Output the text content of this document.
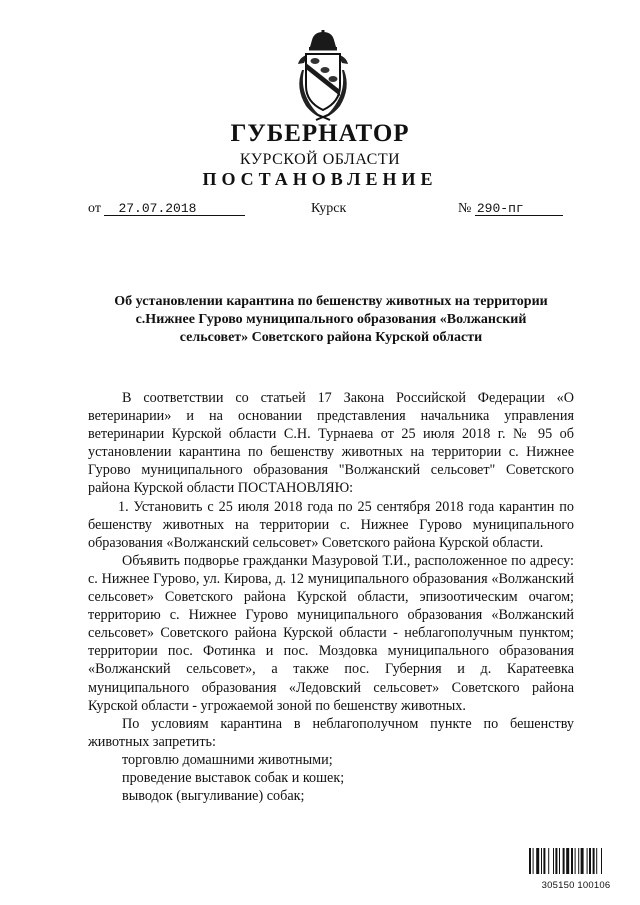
ГУБЕРНАТОР
КУРСКОЙ ОБЛАСТИ
ПОСТАНОВЛЕНИЕ
от 27.07.2018	Курск	№ 290-пг
Об установлении карантина по бешенству животных на территории
с.Нижнее Гурово муниципального образования «Волжанский
сельсовет» Советского района Курской области

В соответствии со статьей 17 Закона Российской Федерации «О ветеринарии» и на основании представления начальника управления ветеринарии Курской области С.Н. Турнаева от 25 июля 2018 г. № 95 об установлении карантина по бешенству животных на территории с. Нижнее Гурово муниципального образования "Волжанский сельсовет" Советского района Курской области ПОСТАНОВЛЯЮ:

1. Установить с 25 июля 2018 года по 25 сентября 2018 года карантин по бешенству животных на территории с. Нижнее Гурово муниципального образования «Волжанский сельсовет» Советского района Курской области.

Объявить подворье гражданки Мазуровой Т.И., расположенное по адресу: с. Нижнее Гурово, ул. Кирова, д. 12 муниципального образования «Волжанский сельсовет» Советского района Курской области, эпизоотическим очагом; территорию с. Нижнее Гурово муниципального образования «Волжанский сельсовет» Советского района Курской области - неблагополучным пунктом; территории пос. Фотинка и пос. Моздовка муниципального образования «Волжанский сельсовет», а также пос. Губерния и д. Каратеевка муниципального образования «Ледовский сельсовет» Советского района Курской области - угрожаемой зоной по бешенству животных.

По условиям карантина в неблагополучном пункте по бешенству животных запретить:

торговлю домашними животными;

проведение выставок собак и кошек;

выводок (выгуливание) собак;

305150 100106
